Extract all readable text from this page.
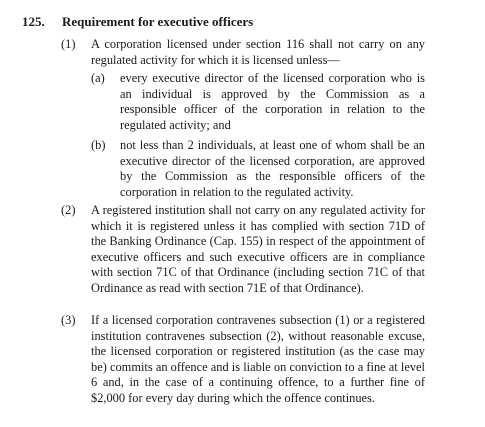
125. Requirement for executive officers
(1) A corporation licensed under section 116 shall not carry on any regulated activity for which it is licensed unless—
(a) every executive director of the licensed corporation who is an individual is approved by the Commission as a responsible officer of the corporation in relation to the regulated activity; and
(b) not less than 2 individuals, at least one of whom shall be an executive director of the licensed corporation, are approved by the Commission as the responsible officers of the corporation in relation to the regulated activity.
(2) A registered institution shall not carry on any regulated activity for which it is registered unless it has complied with section 71D of the Banking Ordinance (Cap. 155) in respect of the appointment of executive officers and such executive officers are in compliance with section 71C of that Ordinance (including section 71C of that Ordinance as read with section 71E of that Ordinance).
(3) If a licensed corporation contravenes subsection (1) or a registered institution contravenes subsection (2), without reasonable excuse, the licensed corporation or registered institution (as the case may be) commits an offence and is liable on conviction to a fine at level 6 and, in the case of a continuing offence, to a further fine of $2,000 for every day during which the offence continues.
